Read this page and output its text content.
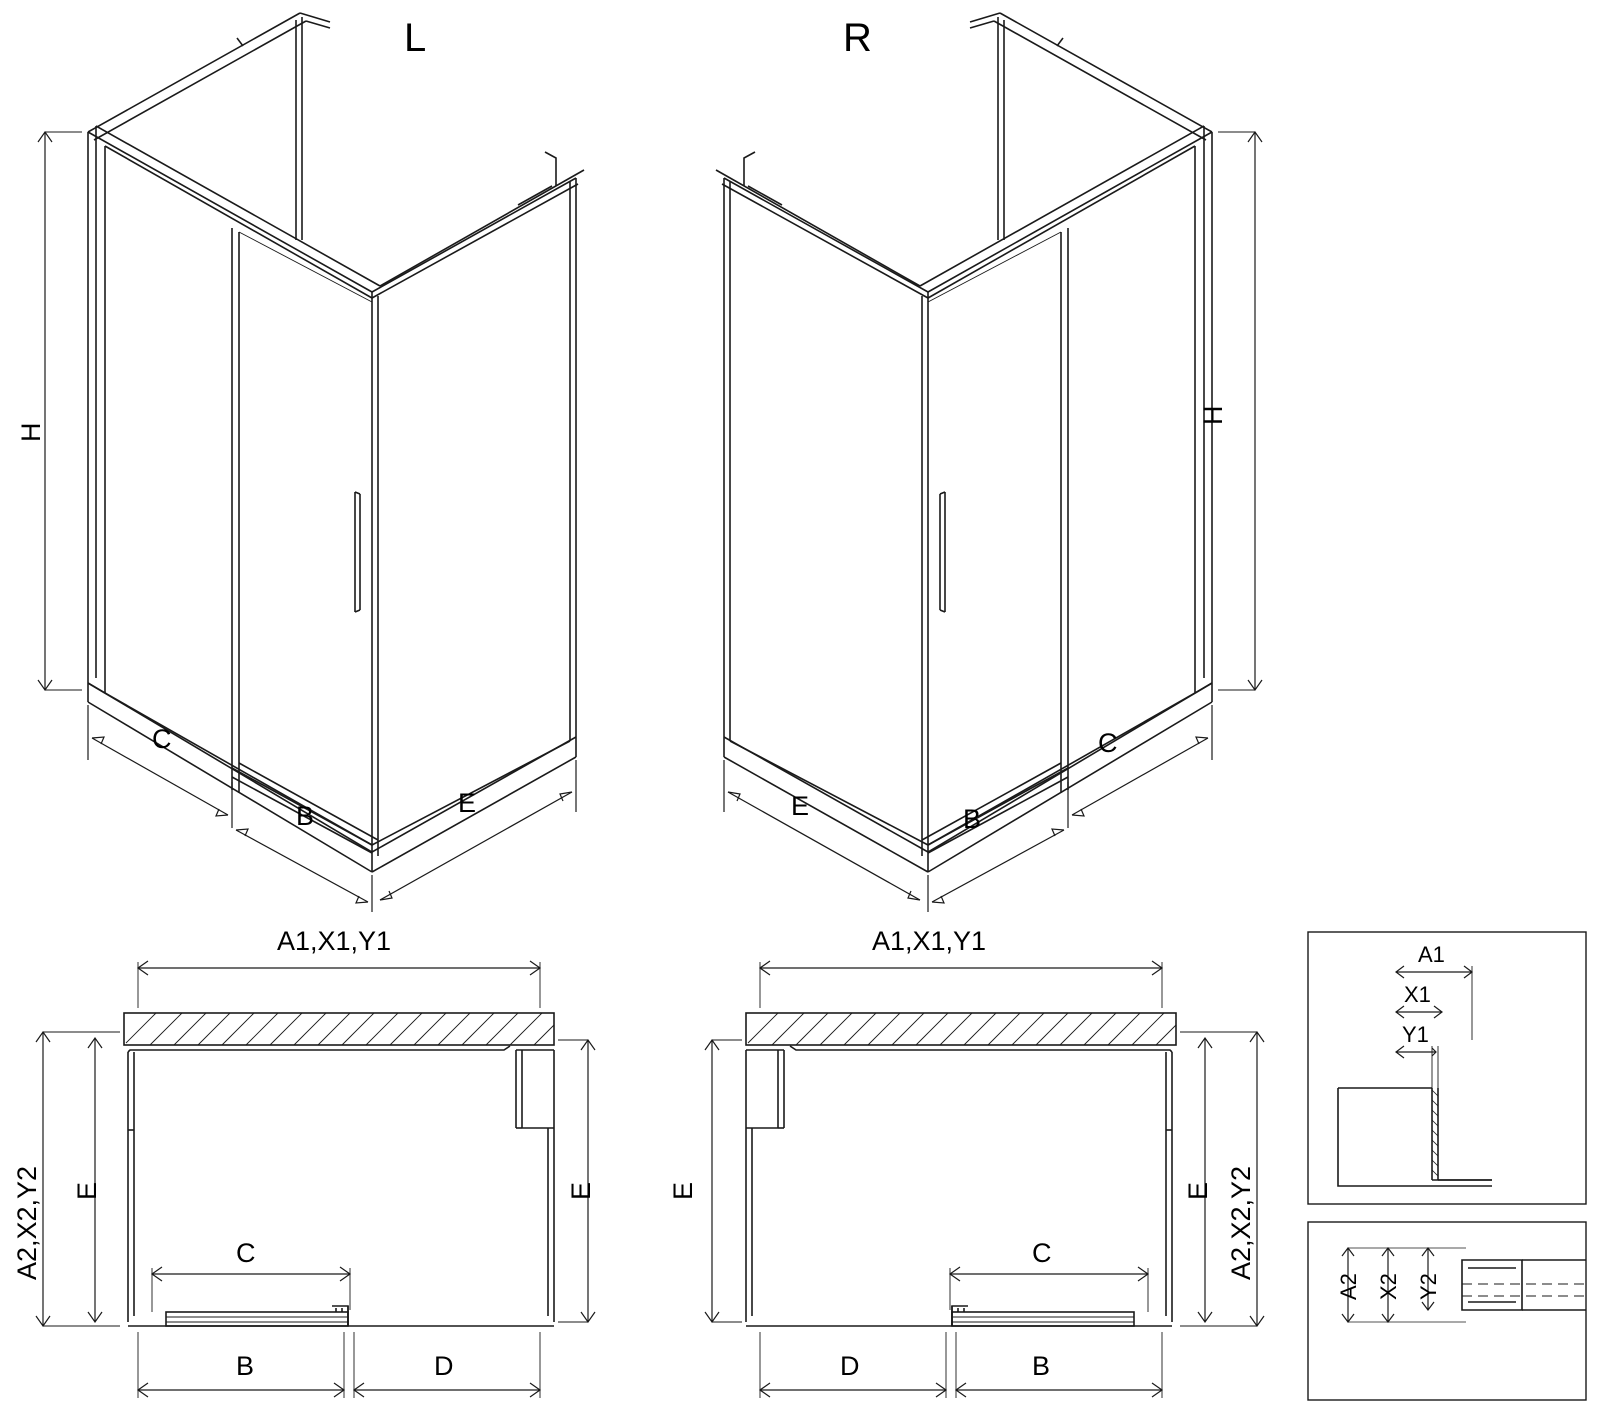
L	R
H
H
C
B	E
C
B
E
A1,X1,Y1
A2,X2,Y2 E	E
C
B	D
A1,X1,Y1
A2,X2,Y2
E	E
C
D	B
A1
X1
Y1
A2 X2 Y2
